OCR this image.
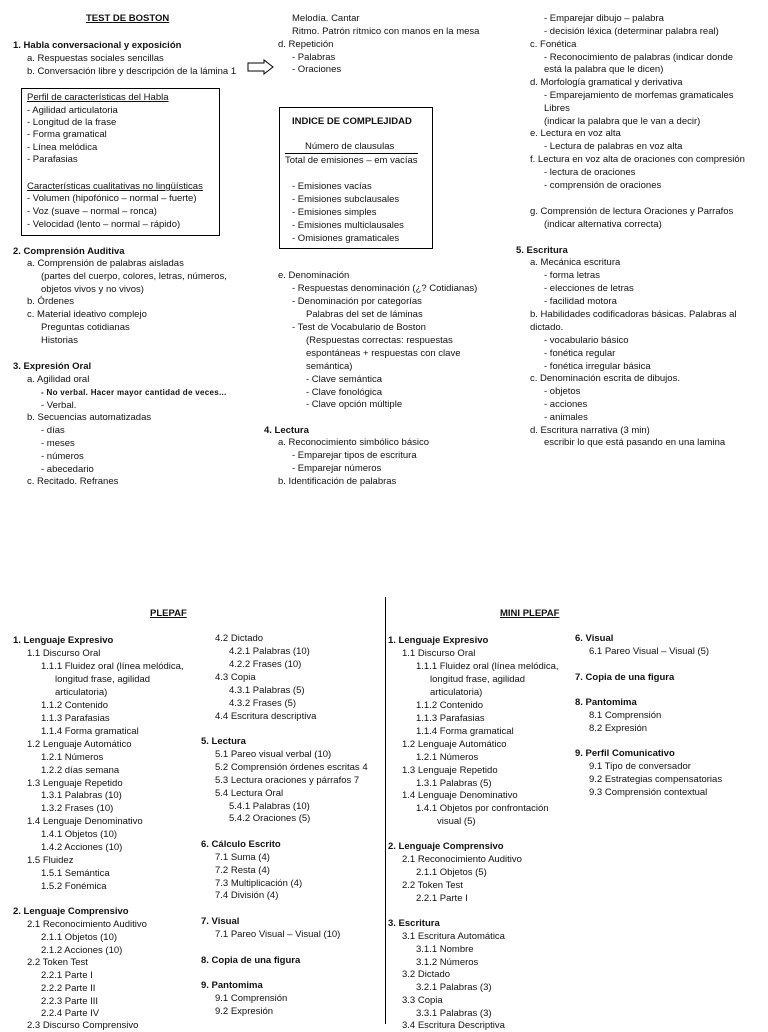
TEST DE BOSTON
1. Habla conversacional y exposición
a. Respuestas sociales sencillas
b. Conversación libre y descripción de la lámina 1
Perfil de características del Habla
- Agilidad articulatoria
- Longitud de la frase
- Forma gramatical
- Línea melódica
- Parafasias
Características cualitativas no lingüísticas
- Volumen (hipofónico – normal – fuerte)
- Voz (suave – normal – ronca)
- Velocidad (lento – normal – rápido)
2. Comprensión Auditiva
a. Comprensión de palabras aisladas
(partes del cuerpo, colores, letras, números,
objetos vivos y no vivos)
b. Órdenes
c. Material ideativo complejo
Preguntas cotidianas
Historias
3. Expresión Oral
a. Agilidad oral
- No verbal. Hacer mayor cantidad de veces...
- Verbal.
b. Secuencias automatizadas
- días
- meses
- números
- abecedario
c. Recitado. Refranes
Melodía. Cantar
Ritmo. Patrón rítmico con manos en la mesa
d. Repetición
- Palabras
- Oraciones
INDICE DE COMPLEJIDAD
Número de clausulas
Total de emisiones – em vacías
- Emisiones vacías
- Emisiones subclausales
- Emisiones simples
- Emisiones multiclausales
- Omisiones gramaticales
e. Denominación
- Respuestas denominación (¿? Cotidianas)
- Denominación por categorías
Palabras del set de láminas
- Test de Vocabulario de Boston
(Respuestas correctas: respuestas
espontáneas + respuestas con clave
semántica)
- Clave semántica
- Clave fonológica
- Clave opción múltiple
4. Lectura
a. Reconocimiento simbólico básico
- Emparejar tipos de escritura
- Emparejar números
b. Identificación de palabras
- Emparejar dibujo – palabra
- decisión léxica (determinar palabra real)
c. Fonética
- Reconocimiento de palabras (indicar donde
está la palabra que le dicen)
d. Morfología gramatical y derivativa
- Emparejamiento de morfemas gramaticales
Libres
(indicar la palabra que le van a decir)
e. Lectura en voz alta
- Lectura de palabras en voz alta
f. Lectura en voz alta de oraciones con compresión
- lectura de oraciones
- comprensión de oraciones
g. Comprensión de lectura Oraciones y Parrafos
(indicar alternativa correcta)
5. Escritura
a. Mecánica escritura
- forma letras
- elecciones de letras
- facilidad motora
b. Habilidades codificadoras básicas. Palabras al
dictado.
- vocabulario básico
- fonética regular
- fonética irregular básica
c. Denominación escrita de dibujos.
- objetos
- acciones
- animales
d. Escritura narrativa (3 min)
escribir lo que está pasando en una lamina
PLEPAF
1. Lenguaje Expresivo
1.1 Discurso Oral
1.1.1 Fluidez oral (línea melódica,
longitud frase, agilidad
articulatoria)
1.1.2 Contenido
1.1.3 Parafasias
1.1.4 Forma gramatical
1.2 Lenguaje Automático
1.2.1 Números
1.2.2 días semana
1.3 Lenguaje Repetido
1.3.1 Palabras (10)
1.3.2 Frases (10)
1.4 Lenguaje Denominativo
1.4.1 Objetos (10)
1.4.2 Acciones (10)
1.5 Fluidez
1.5.1 Semántica
1.5.2 Fonémica
2. Lenguaje Comprensivo
2.1 Reconocimiento Auditivo
2.1.1 Objetos (10)
2.1.2 Acciones (10)
2.2 Token Test
2.2.1 Parte I
2.2.2 Parte II
2.2.3 Parte III
2.2.4 Parte IV
2.3 Discurso Comprensivo
4.2 Dictado
4.2.1 Palabras (10)
4.2.2 Frases (10)
4.3 Copia
4.3.1 Palabras (5)
4.3.2 Frases (5)
4.4 Escritura descriptiva
5. Lectura
5.1 Pareo visual verbal (10)
5.2 Comprensión órdenes escritas 4
5.3 Lectura oraciones y párrafos 7
5.4 Lectura Oral
5.4.1 Palabras (10)
5.4.2 Oraciones (5)
6. Cálculo Escrito
7.1 Suma (4)
7.2 Resta (4)
7.3 Multiplicación (4)
7.4 División (4)
7. Visual
7.1 Pareo Visual – Visual (10)
8. Copia de una figura
9. Pantomima
9.1 Comprensión
9.2 Expresión
MINI PLEPAF
1. Lenguaje Expresivo
1.1 Discurso Oral
1.1.1 Fluidez oral (línea melódica,
longitud frase, agilidad
articulatoria)
1.1.2 Contenido
1.1.3 Parafasias
1.1.4 Forma gramatical
1.2 Lenguaje Automático
1.2.1 Números
1.3 Lenguaje Repetido
1.3.1 Palabras (5)
1.4 Lenguaje Denominativo
1.4.1 Objetos por confrontación
visual (5)
2. Lenguaje Comprensivo
2.1 Reconocimiento Auditivo
2.1.1 Objetos (5)
2.2 Token Test
2.2.1 Parte I
3. Escritura
3.1 Escritura Automática
3.1.1 Nombre
3.1.2 Números
3.2 Dictado
3.2.1 Palabras (3)
3.3 Copia
3.3.1 Palabras (3)
3.4 Escritura Descriptiva
6. Visual
6.1 Pareo Visual – Visual (5)
7. Copia de una figura
8. Pantomima
8.1 Comprensión
8.2 Expresión
9. Perfil Comunicativo
9.1 Tipo de conversador
9.2 Estrategias compensatorias
9.3 Comprensión contextual
